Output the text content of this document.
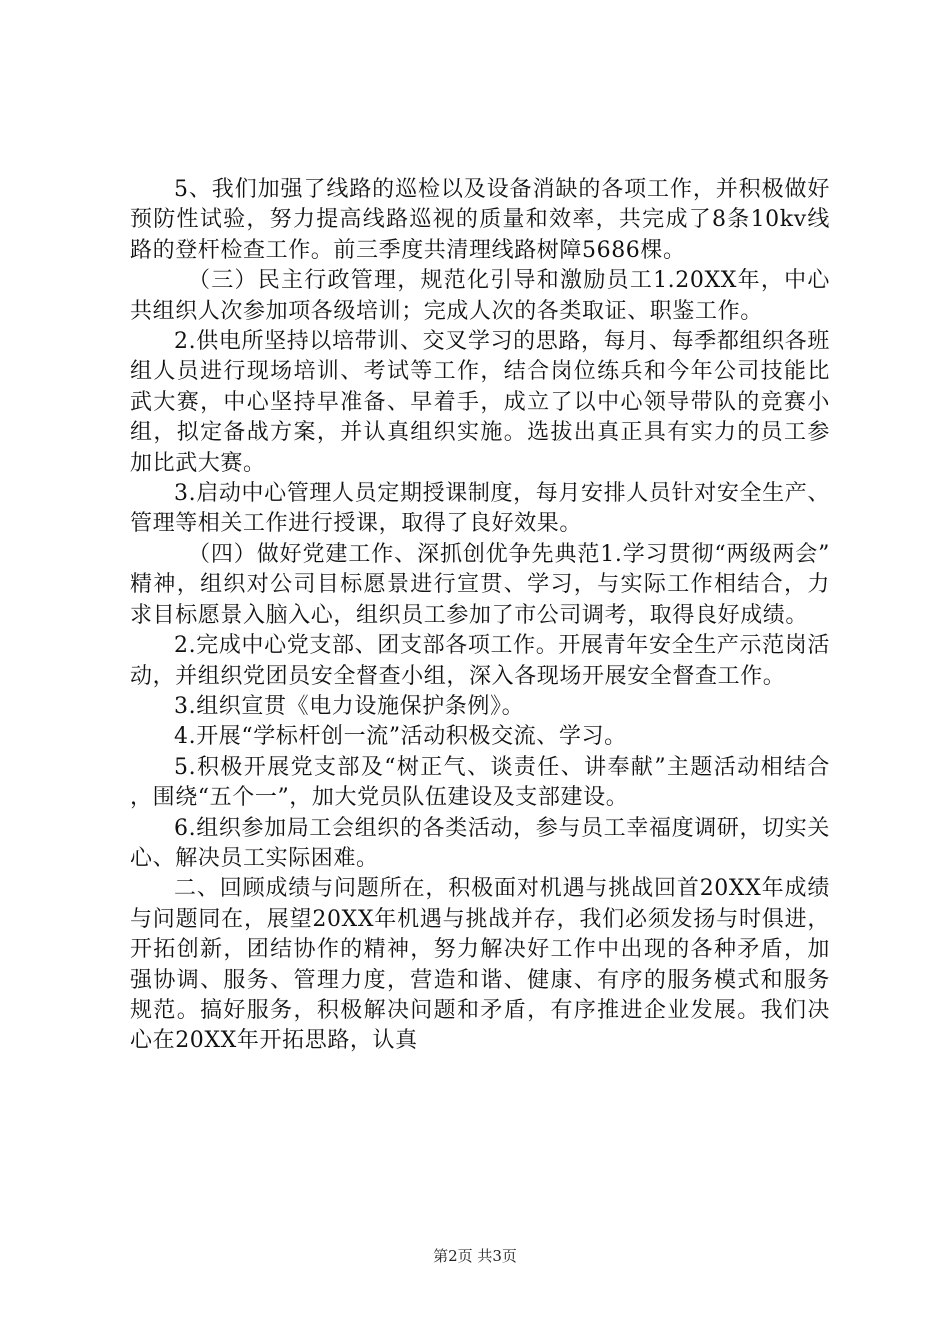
5、我们加强了线路的巡检以及设备消缺的各项工作，并积极做好预防性试验，努力提高线路巡视的质量和效率，共完成了8条10kv线路的登杆检查工作。前三季度共清理线路树障5686棵。

（三）民主行政管理，规范化引导和激励员工1.20XX年，中心共组织人次参加项各级培训；完成人次的各类取证、职鉴工作。

2.供电所坚持以培带训、交叉学习的思路，每月、每季都组织各班组人员进行现场培训、考试等工作，结合岗位练兵和今年公司技能比武大赛，中心坚持早准备、早着手，成立了以中心领导带队的竞赛小组，拟定备战方案，并认真组织实施。选拔出真正具有实力的员工参加比武大赛。

3.启动中心管理人员定期授课制度，每月安排人员针对安全生产、管理等相关工作进行授课，取得了良好效果。

（四）做好党建工作、深抓创优争先典范1.学习贯彻“两级两会”精神，组织对公司目标愿景进行宣贯、学习，与实际工作相结合，力求目标愿景入脑入心，组织员工参加了市公司调考，取得良好成绩。

2.完成中心党支部、团支部各项工作。开展青年安全生产示范岗活动，并组织党团员安全督查小组，深入各现场开展安全督查工作。

3.组织宣贯《电力设施保护条例》。

4.开展“学标杆创一流”活动积极交流、学习。

5.积极开展党支部及“树正气、谈责任、讲奉献”主题活动相结合，围绕“五个一”，加大党员队伍建设及支部建设。

6.组织参加局工会组织的各类活动，参与员工幸福度调研，切实关心、解决员工实际困难。

二、回顾成绩与问题所在，积极面对机遇与挑战回首20XX年成绩与问题同在，展望20XX年机遇与挑战并存，我们必须发扬与时俱进，开拓创新，团结协作的精神，努力解决好工作中出现的各种矛盾，加强协调、服务、管理力度，营造和谐、健康、有序的服务模式和服务规范。搞好服务，积极解决问题和矛盾，有序推进企业发展。我们决心在20XX年开拓思路，认真

第2页 共3页
